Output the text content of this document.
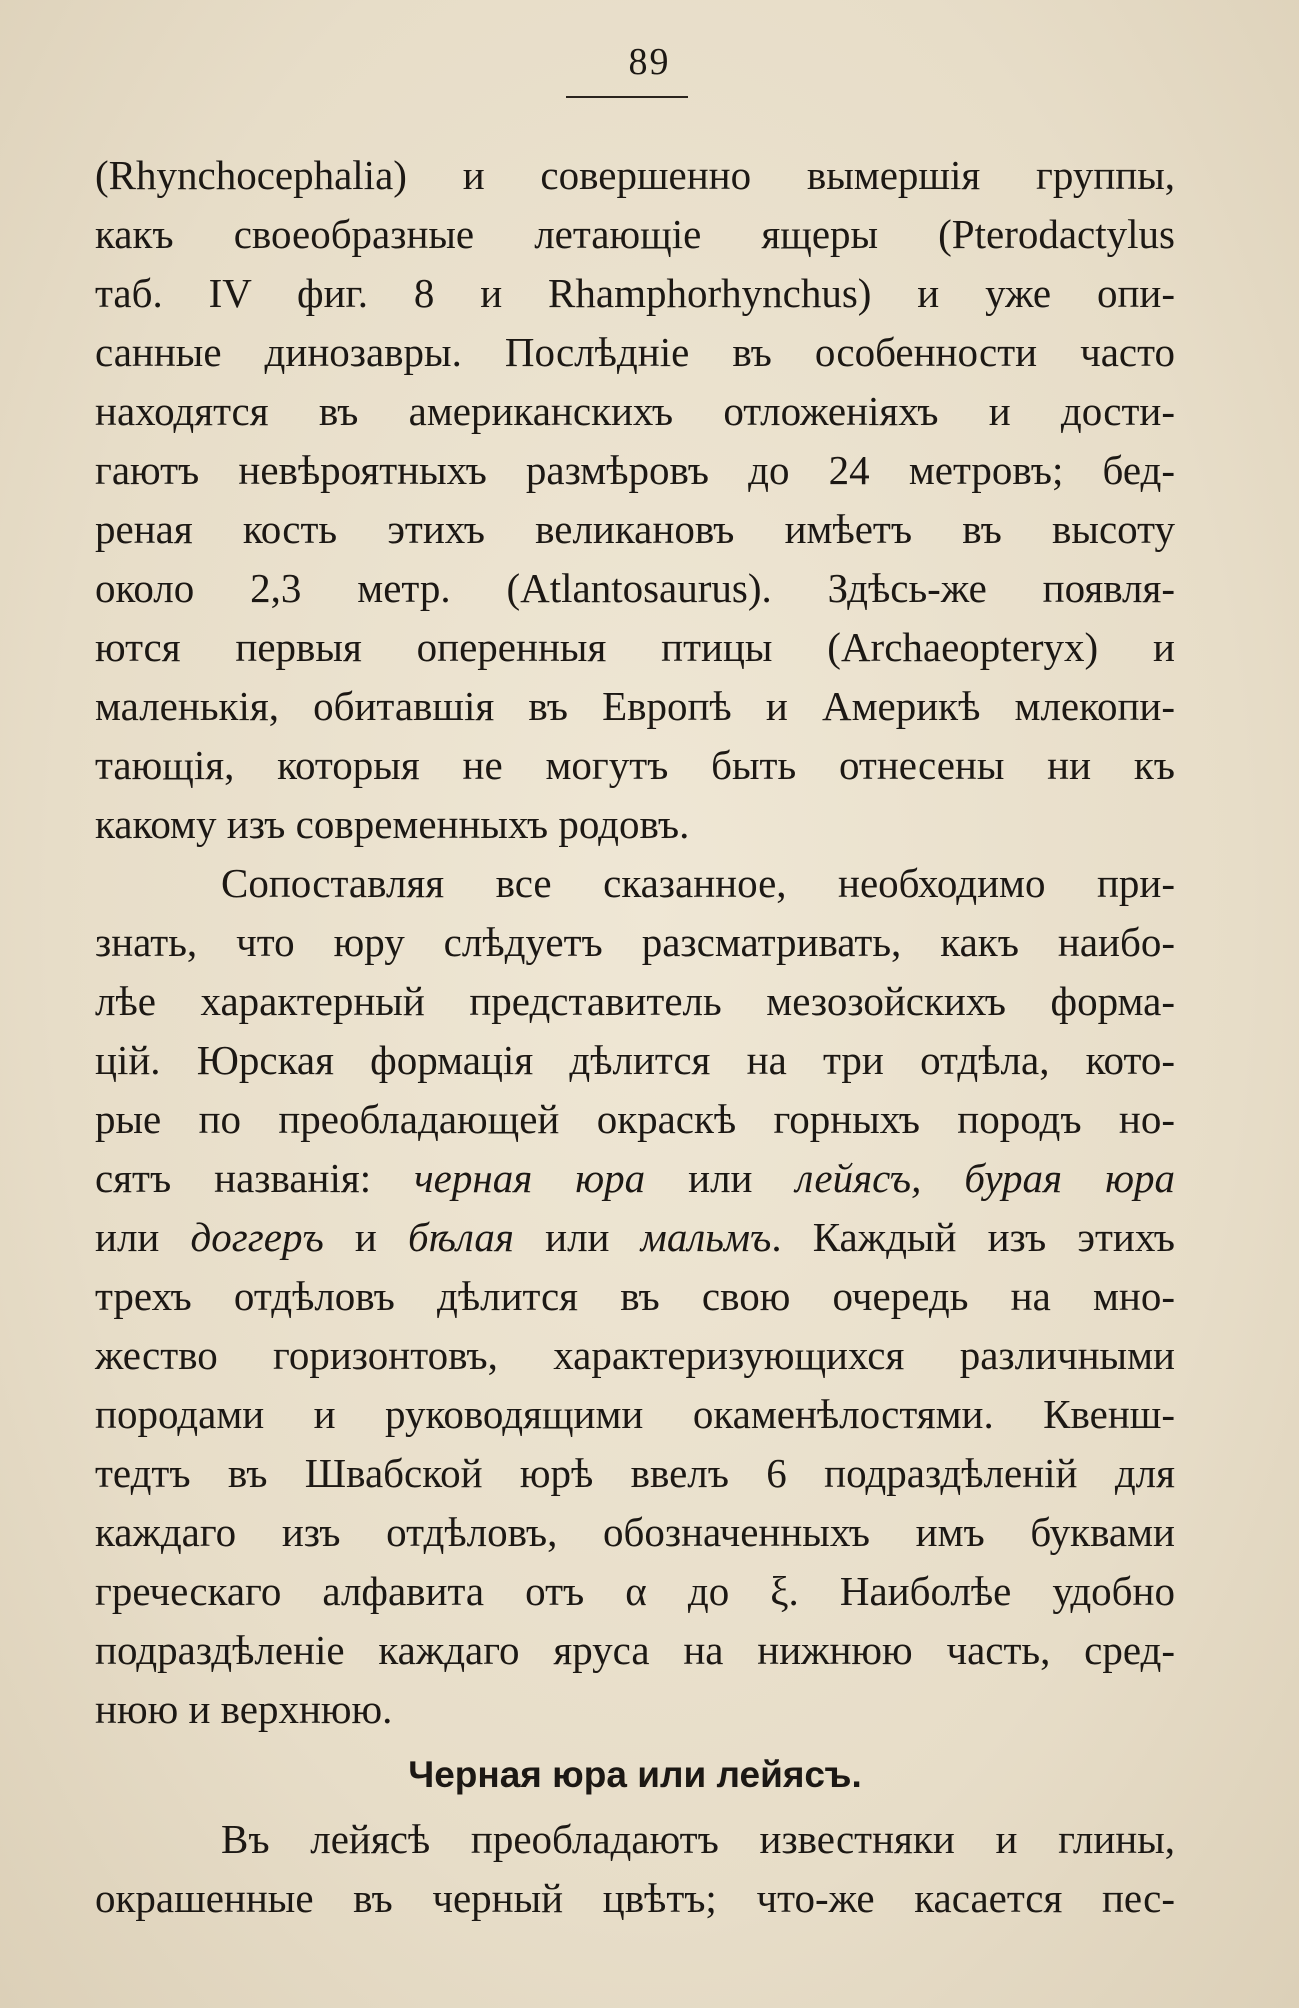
89
(Rhynchocephalia) и совершенно вымершія группы,
какъ своеобразные летающіе ящеры (Pterodactylus
таб. IV фиг. 8 и Rhamphorhynchus) и уже опи-
санные динозавры. Послѣдніе въ особенности часто
находятся въ американскихъ отложеніяхъ и дости-
гаютъ невѣроятныхъ размѣровъ до 24 метровъ; бед-
реная кость этихъ великановъ имѣетъ въ высоту
около 2,3 метр. (Atlantosaurus). Здѣсь-же появля-
ются первыя оперенныя птицы (Archaeopteryx) и
маленькія, обитавшія въ Европѣ и Америкѣ млекопи-
тающія, которыя не могутъ быть отнесены ни къ
какому изъ современныхъ родовъ.
Сопоставляя все сказанное, необходимо при-
знать, что юру слѣдуетъ разсматривать, какъ наибо-
лѣе характерный представитель мезозойскихъ форма-
цій. Юрская формація дѣлится на три отдѣла, кото-
рые по преобладающей окраскѣ горныхъ породъ но-
сятъ названія: черная юра или лейясъ, бурая юра
или доггеръ и бѣлая или мальмъ. Каждый изъ этихъ
трехъ отдѣловъ дѣлится въ свою очередь на мно-
жество горизонтовъ, характеризующихся различными
породами и руководящими окаменѣлостями. Квенш-
тедтъ въ Швабской юрѣ ввелъ 6 подраздѣленій для
каждаго изъ отдѣловъ, обозначенныхъ имъ буквами
греческаго алфавита отъ α до ξ. Наиболѣе удобно
подраздѣленіе каждаго яруса на нижнюю часть, сред-
нюю и верхнюю.
Черная юра или лейясъ.
Въ лейясѣ преобладаютъ известняки и глины,
окрашенные въ черный цвѣтъ; что-же касается пес-
